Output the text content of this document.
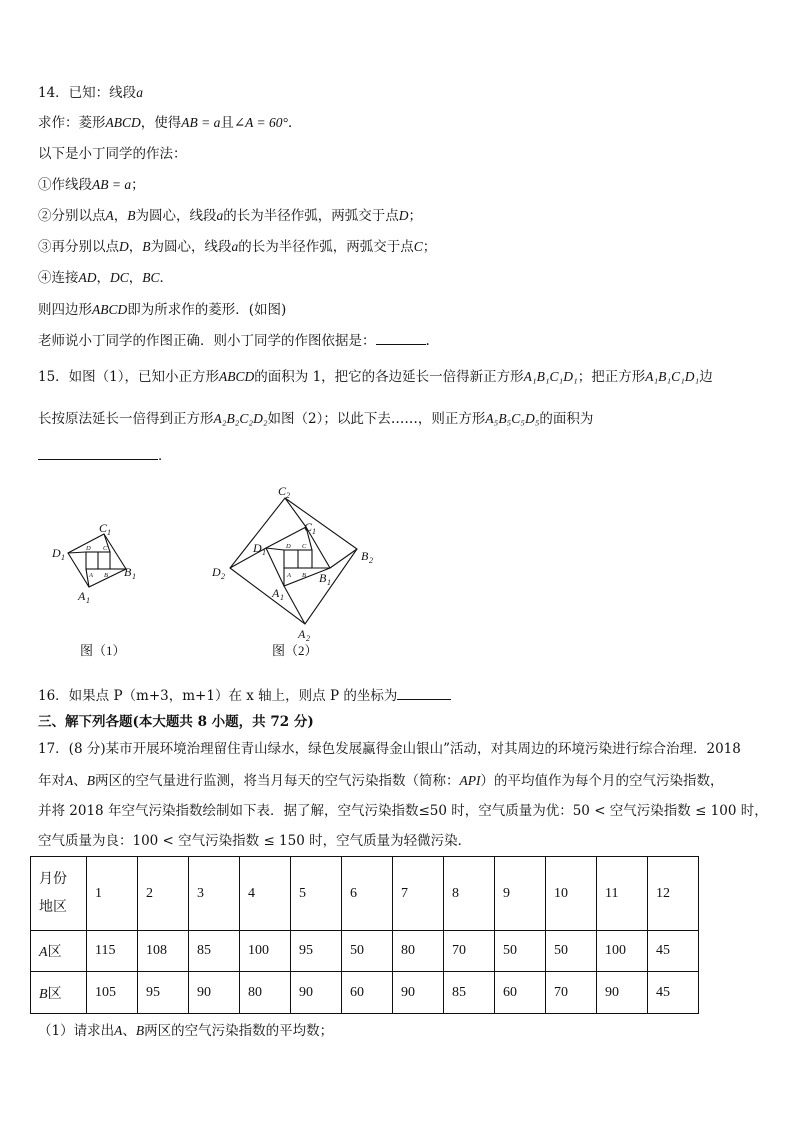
14．已知：线段a
求作：菱形ABCD，使得AB = a且∠A = 60°．
以下是小丁同学的作法：
①作线段AB = a；
②分别以点A，B为圆心，线段a的长为半径作弧，两弧交于点D；
③再分别以点D，B为圆心，线段a的长为半径作弧，两弧交于点C；
④连接AD，DC，BC．
则四边形ABCD即为所求作的菱形．(如图)
老师说小丁同学的作图正确．则小丁同学的作图依据是：	.
15．如图（1），已知小正方形ABCD的面积为 1，把它的各边延长一倍得新正方形A₁B₁C₁D₁；把正方形A₁B₁C₁D₁边
长按原法延长一倍得到正方形A₂B₂C₂D₂如图（2）；以此下去……，则正方形A₅B₅C₅D₅的面积为
．
C 1
D 1
B 1
A 1
D C
A B
图（1）
C 2
C 1
D 1
B 1
A 1
B 2
D 2
A 2
D C
A B
图（2）
16．如果点 P（m+3，m+1）在 x 轴上，则点 P 的坐标为
三、解下列各题(本大题共 8 小题，共 72 分)
17．(8 分)某市开展环境治理留住青山绿水，绿色发展赢得金山银山”活动，对其周边的环境污染进行综合治理．2018
年对A、B两区的空气量进行监测，将当月每天的空气污染指数（简称：API）的平均值作为每个月的空气污染指数，
并将 2018 年空气污染指数绘制如下表．据了解，空气污染指数≤50 时，空气质量为优：50 < 空气污染指数 ≤ 100 时，
空气质量为良：100 < 空气污染指数 ≤ 150 时，空气质量为轻微污染．
月份
地区	1	2	3	4	5	6	7	8	9	10	11	12
A区	115	108	85	100	95	50	80	70	50	50	100	45
B区	105	95	90	80	90	60	90	85	60	70	90	45
（1）请求出A、B两区的空气污染指数的平均数；
